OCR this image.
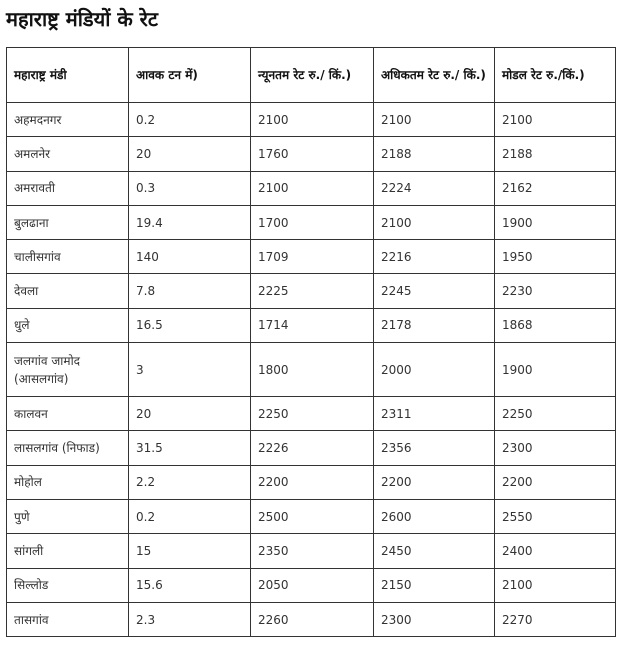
महाराष्ट्र मंडियों के रेट
महाराष्ट्र मंडी	आवक टन में)	न्यूनतम रेट रु./ किं.)	अधिकतम रेट रु./ किं.)	मोडल रेट रु./किं.)
अहमदनगर	0.2	2100	2100	2100
अमलनेर	20	1760	2188	2188
अमरावती	0.3	2100	2224	2162
बुलढाना	19.4	1700	2100	1900
चालीसगांव	140	1709	2216	1950
देवला	7.8	2225	2245	2230
धुले	16.5	1714	2178	1868
जलगांव जामोद (आसलगांव)	3	1800	2000	1900
कालवन	20	2250	2311	2250
लासलगांव (निफाड)	31.5	2226	2356	2300
मोहोल	2.2	2200	2200	2200
पुणे	0.2	2500	2600	2550
सांगली	15	2350	2450	2400
सिल्लोड	15.6	2050	2150	2100
तासगांव	2.3	2260	2300	2270
